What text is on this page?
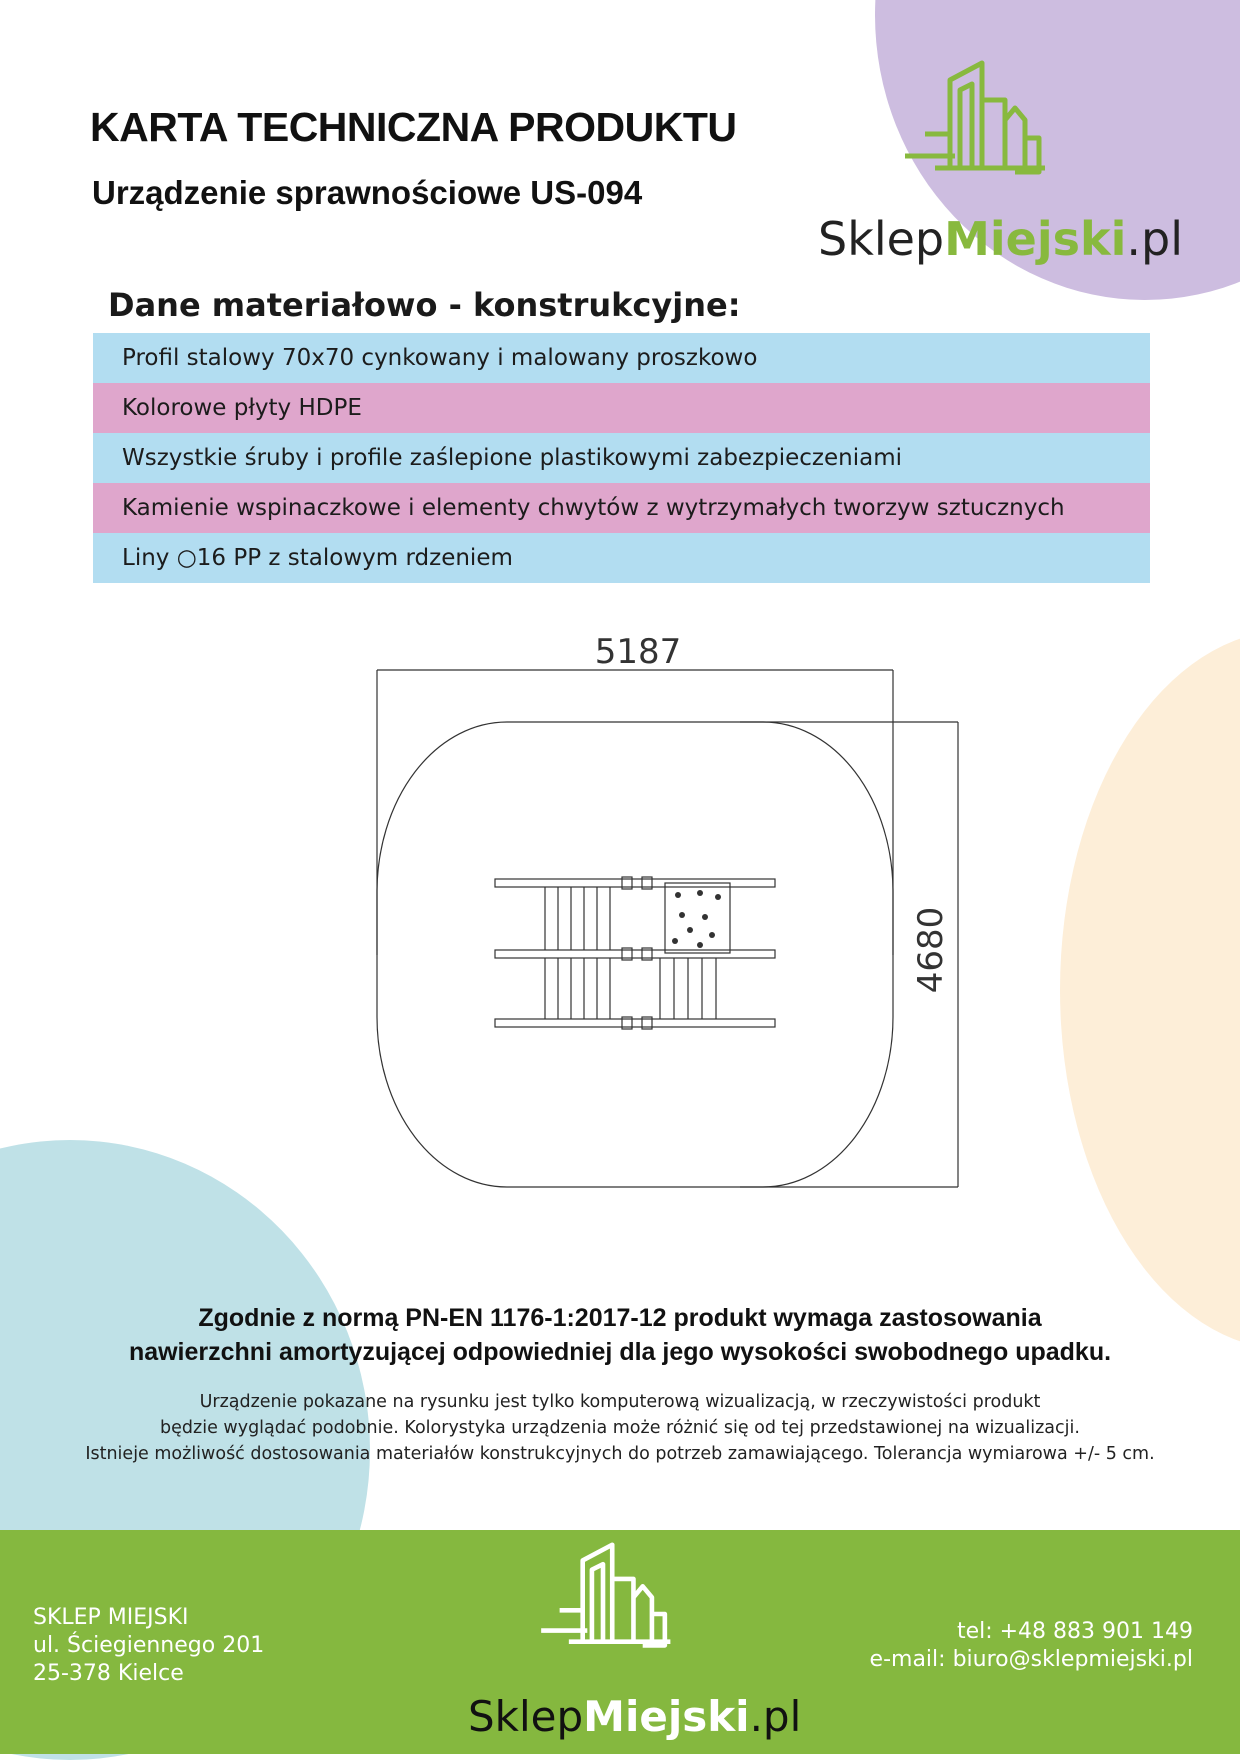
KARTA TECHNICZNA PRODUKTU
Urządzenie sprawnościowe US-094
SklepMiejski.pl
Dane materiałowo - konstrukcyjne:
Profil stalowy 70x70 cynkowany i malowany proszkowo
Kolorowe płyty HDPE
Wszystkie śruby i profile zaślepione plastikowymi zabezpieczeniami
Kamienie wspinaczkowe i elementy chwytów z wytrzymałych tworzyw sztucznych
Liny ○16 PP z stalowym rdzeniem
5187
4680
Zgodnie z normą PN-EN 1176-1:2017-12 produkt wymaga zastosowania
nawierzchni amortyzującej odpowiedniej dla jego wysokości swobodnego upadku.
Urządzenie pokazane na rysunku jest tylko komputerową wizualizacją, w rzeczywistości produkt
będzie wyglądać podobnie. Kolorystyka urządzenia może różnić się od tej przedstawionej na wizualizacji.
Istnieje możliwość dostosowania materiałów konstrukcyjnych do potrzeb zamawiającego. Tolerancja wymiarowa +/- 5 cm.
SKLEP MIEJSKI
ul. Ściegiennego 201
25-378 Kielce
SklepMiejski.pl
tel: +48 883 901 149
e-mail: biuro@sklepmiejski.pl
